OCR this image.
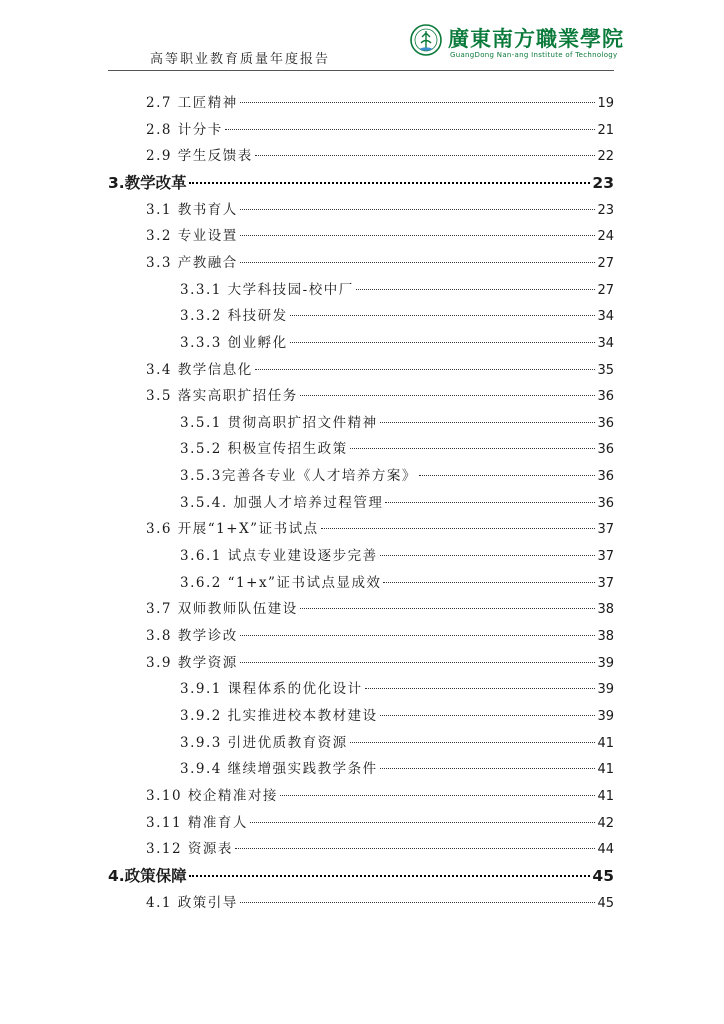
廣東南方職業學院
GuangDong Nan-ang Institute of Technology
高等职业教育质量年度报告
2.7 工匠精神	19
2.8 计分卡	21
2.9 学生反馈表	22
3.教学改革	23
3.1 教书育人	23
3.2 专业设置	24
3.3 产教融合	27
3.3.1 大学科技园-校中厂	27
3.3.2 科技研发	34
3.3.3 创业孵化	34
3.4 教学信息化	35
3.5 落实高职扩招任务	36
3.5.1 贯彻高职扩招文件精神	36
3.5.2 积极宣传招生政策	36
3.5.3完善各专业《人才培养方案》	36
3.5.4. 加强人才培养过程管理	36
3.6 开展“1+X”证书试点	37
3.6.1 试点专业建设逐步完善	37
3.6.2 “1+x”证书试点显成效	37
3.7 双师教师队伍建设	38
3.8 教学诊改	38
3.9 教学资源	39
3.9.1 课程体系的优化设计	39
3.9.2 扎实推进校本教材建设	39
3.9.3 引进优质教育资源	41
3.9.4 继续增强实践教学条件	41
3.10 校企精准对接	41
3.11 精准育人	42
3.12 资源表	44
4.政策保障	45
4.1 政策引导	45
